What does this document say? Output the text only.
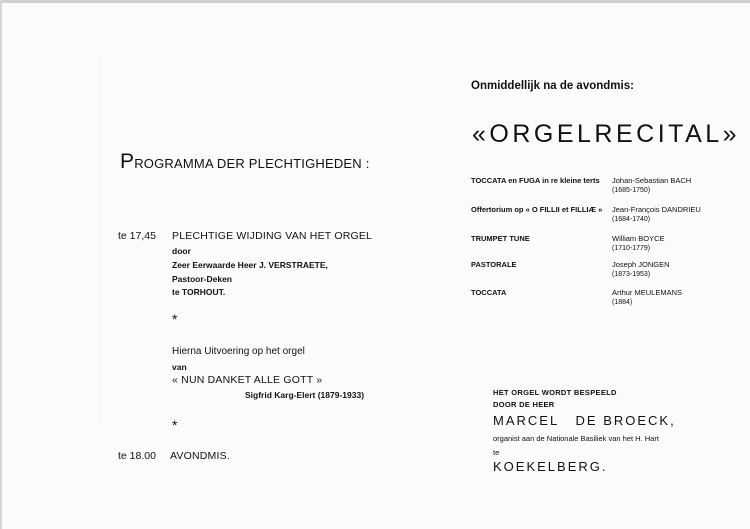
PROGRAMMA DER PLECHTIGHEDEN :
te 17,45 PLECHTIGE WIJDING VAN HET ORGEL
door
Zeer Eerwaarde Heer J. VERSTRAETE,
Pastoor-Deken
te TORHOUT.
*
Hierna Uitvoering op het orgel
van
« NUN DANKET ALLE GOTT »
Sigfrid Karg-Elert (1879-1933)
*
te 18.00 AVONDMIS.
Onmiddellijk na de avondmis:
«ORGELRECITAL»
TOCCATA en FUGA in re kleine terts Johan-Sebastian BACH
(1685-1750)
Offertorium op « O FILLII et FILLIÆ » Jean-François DANDRIEU
(1684-1740)
TRUMPET TUNE	William BOYCE
(1710-1779)
PASTORALE	Joseph JONGEN
(1873-1953)
TOCCATA	Arthur MEULEMANS
(1884)
HET ORGEL WORDT BESPEELD
DOOR DE HEER
MARCEL   DE BROECK,
organist aan de Nationale Basiliek van het H. Hart
te
KOEKELBERG.
